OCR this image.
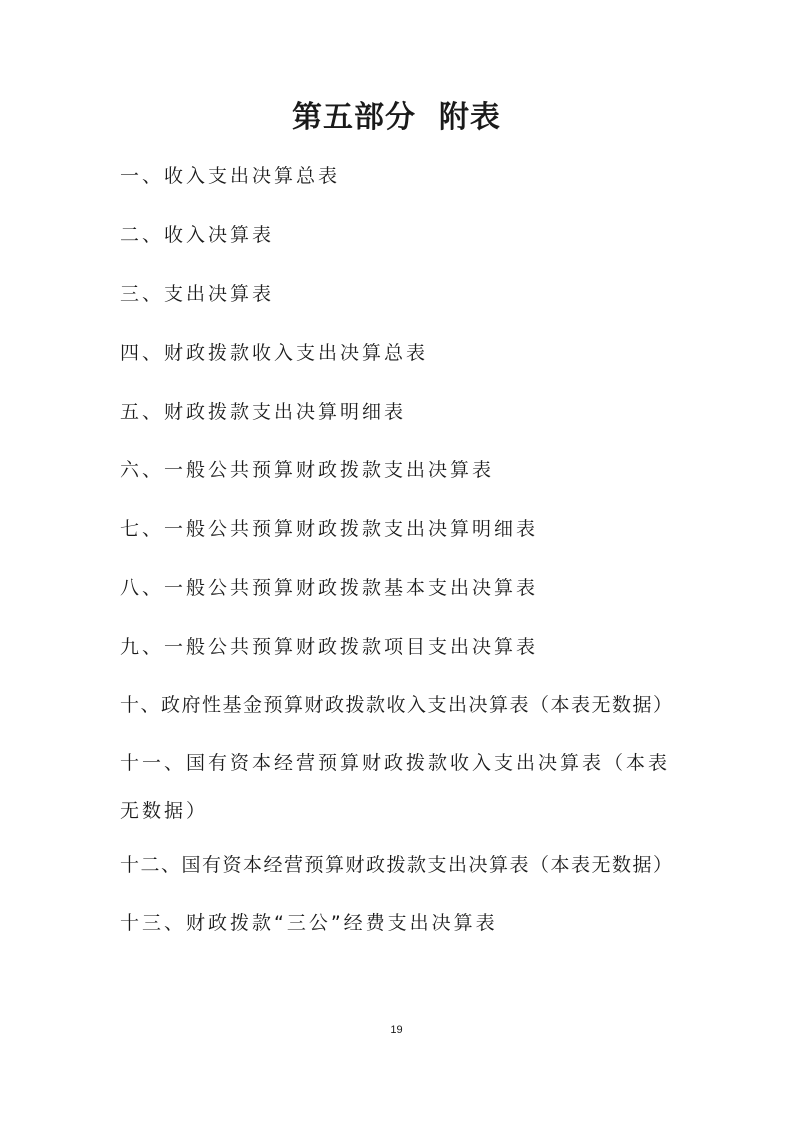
第五部分  附表
一、收入支出决算总表
二、收入决算表
三、支出决算表
四、财政拨款收入支出决算总表
五、财政拨款支出决算明细表
六、一般公共预算财政拨款支出决算表
七、一般公共预算财政拨款支出决算明细表
八、一般公共预算财政拨款基本支出决算表
九、一般公共预算财政拨款项目支出决算表
十、政府性基金预算财政拨款收入支出决算表（本表无数据）
十一、国有资本经营预算财政拨款收入支出决算表（本表无数据）
十二、国有资本经营预算财政拨款支出决算表（本表无数据）
十三、财政拨款“三公”经费支出决算表
19
